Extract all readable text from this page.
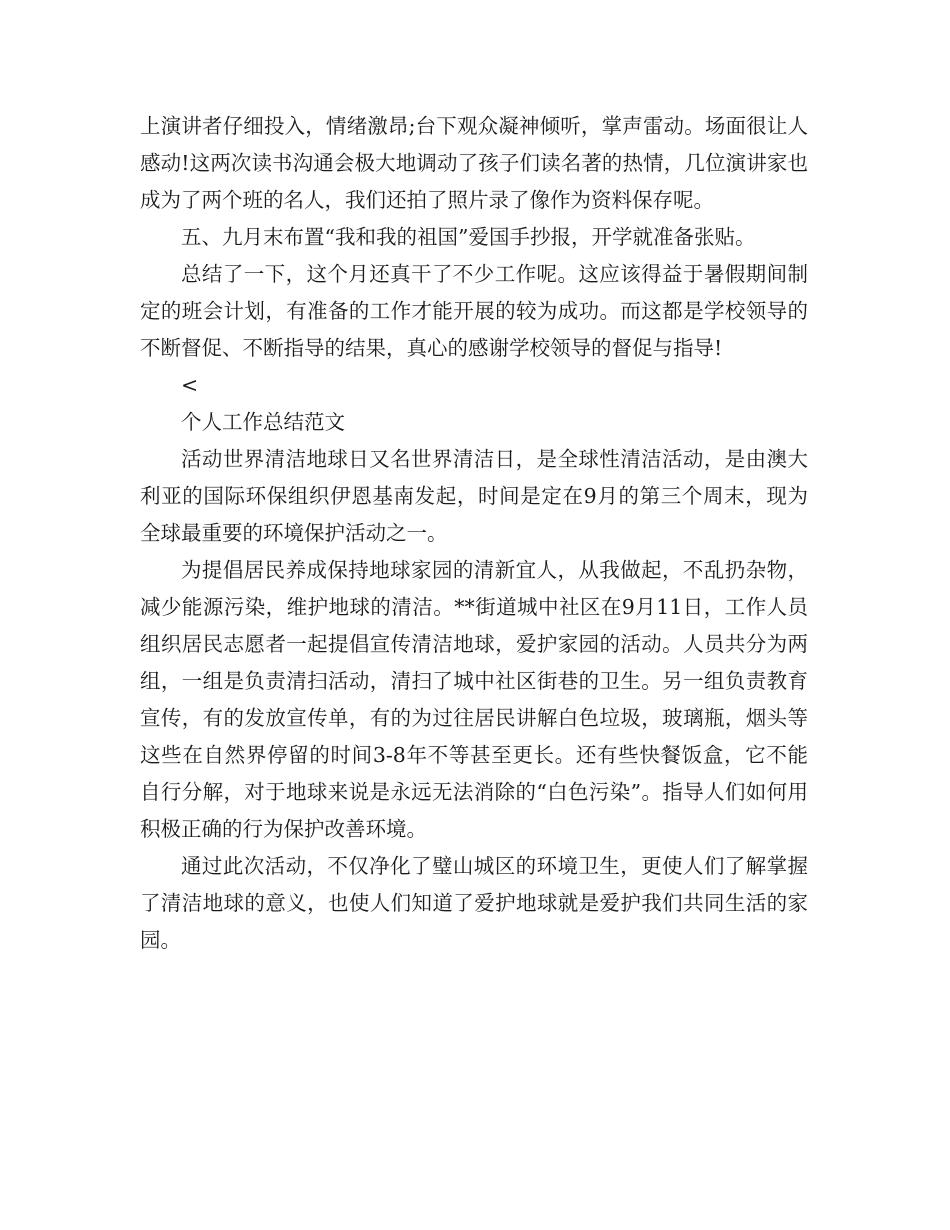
上演讲者仔细投入，情绪激昂;台下观众凝神倾听，掌声雷动。场面很让人感动!这两次读书沟通会极大地调动了孩子们读名著的热情，几位演讲家也成为了两个班的名人，我们还拍了照片录了像作为资料保存呢。

五、九月末布置“我和我的祖国”爱国手抄报，开学就准备张贴。

总结了一下，这个月还真干了不少工作呢。这应该得益于暑假期间制定的班会计划，有准备的工作才能开展的较为成功。而这都是学校领导的不断督促、不断指导的结果，真心的感谢学校领导的督促与指导!

<

个人工作总结范文

活动世界清洁地球日又名世界清洁日，是全球性清洁活动，是由澳大利亚的国际环保组织伊恩基南发起，时间是定在9月的第三个周末，现为全球最重要的环境保护活动之一。

为提倡居民养成保持地球家园的清新宜人，从我做起，不乱扔杂物，减少能源污染，维护地球的清洁。**街道城中社区在9月11日，工作人员组织居民志愿者一起提倡宣传清洁地球，爱护家园的活动。人员共分为两组，一组是负责清扫活动，清扫了城中社区街巷的卫生。另一组负责教育宣传，有的发放宣传单，有的为过往居民讲解白色垃圾，玻璃瓶，烟头等这些在自然界停留的时间3-8年不等甚至更长。还有些快餐饭盒，它不能自行分解，对于地球来说是永远无法消除的“白色污染”。指导人们如何用积极正确的行为保护改善环境。

通过此次活动，不仅净化了璧山城区的环境卫生，更使人们了解掌握了清洁地球的意义，也使人们知道了爱护地球就是爱护我们共同生活的家园。
